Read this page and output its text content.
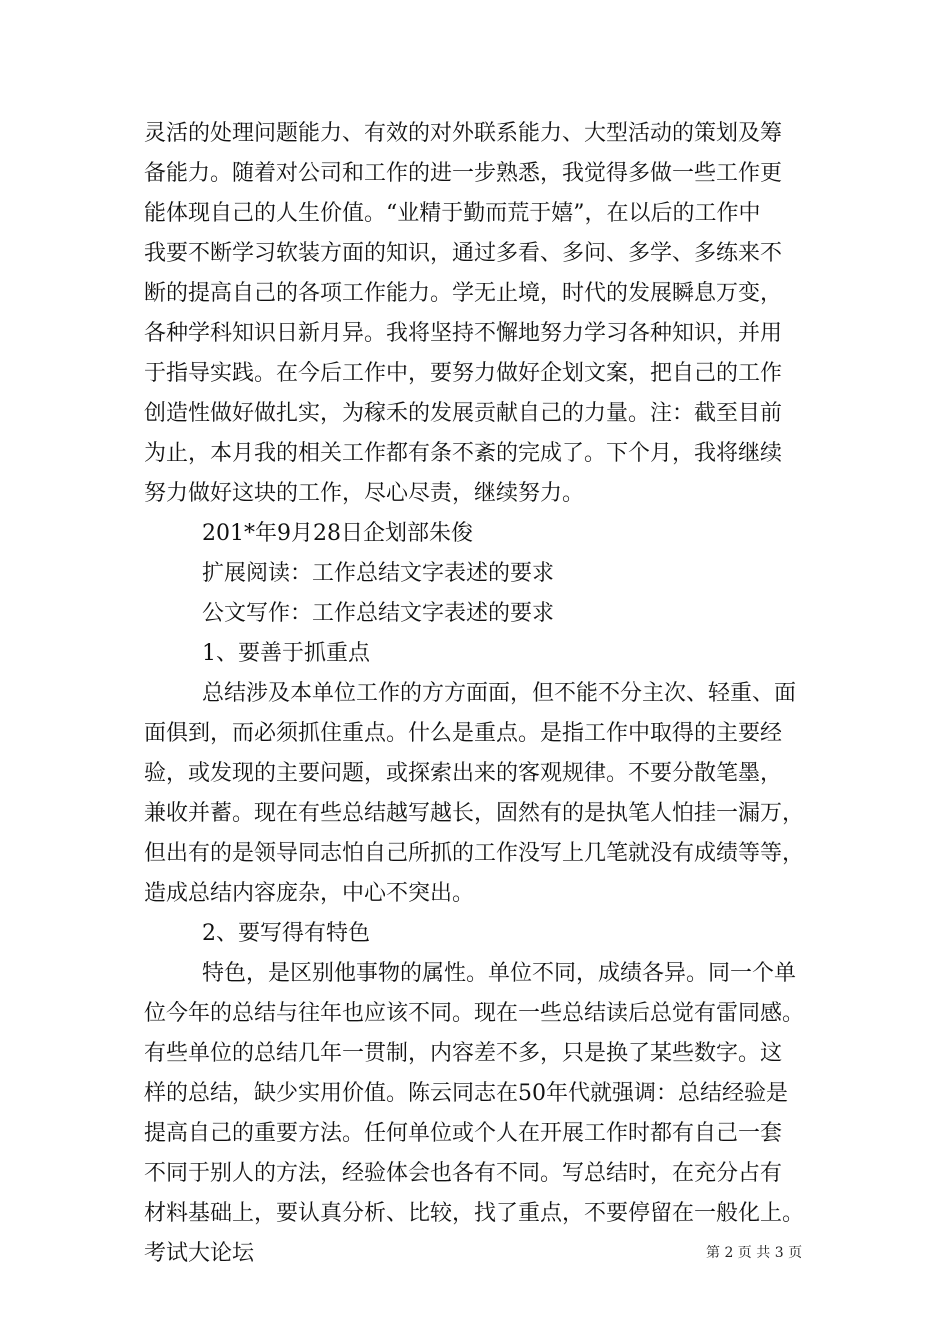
灵活的处理问题能力、有效的对外联系能力、大型活动的策划及筹
备能力。随着对公司和工作的进一步熟悉，我觉得多做一些工作更
能体现自己的人生价值。“业精于勤而荒于嬉”，在以后的工作中
我要不断学习软装方面的知识，通过多看、多问、多学、多练来不
断的提高自己的各项工作能力。学无止境，时代的发展瞬息万变，
各种学科知识日新月异。我将坚持不懈地努力学习各种知识，并用
于指导实践。在今后工作中，要努力做好企划文案，把自己的工作
创造性做好做扎实，为稼禾的发展贡献自己的力量。注：截至目前
为止，本月我的相关工作都有条不紊的完成了。下个月，我将继续
努力做好这块的工作，尽心尽责，继续努力。
201*年9月28日企划部朱俊
扩展阅读：工作总结文字表述的要求
公文写作：工作总结文字表述的要求
1、要善于抓重点
总结涉及本单位工作的方方面面，但不能不分主次、轻重、面
面俱到，而必须抓住重点。什么是重点。是指工作中取得的主要经
验，或发现的主要问题，或探索出来的客观规律。不要分散笔墨，
兼收并蓄。现在有些总结越写越长，固然有的是执笔人怕挂一漏万，
但出有的是领导同志怕自己所抓的工作没写上几笔就没有成绩等等，
造成总结内容庞杂，中心不突出。
2、要写得有特色
特色，是区别他事物的属性。单位不同，成绩各异。同一个单
位今年的总结与往年也应该不同。现在一些总结读后总觉有雷同感。
有些单位的总结几年一贯制，内容差不多，只是换了某些数字。这
样的总结，缺少实用价值。陈云同志在50年代就强调：总结经验是
提高自己的重要方法。任何单位或个人在开展工作时都有自己一套
不同于别人的方法，经验体会也各有不同。写总结时，在充分占有
材料基础上，要认真分析、比较，找了重点，不要停留在一般化上。
考试大论坛	第 2 页 共 3 页
